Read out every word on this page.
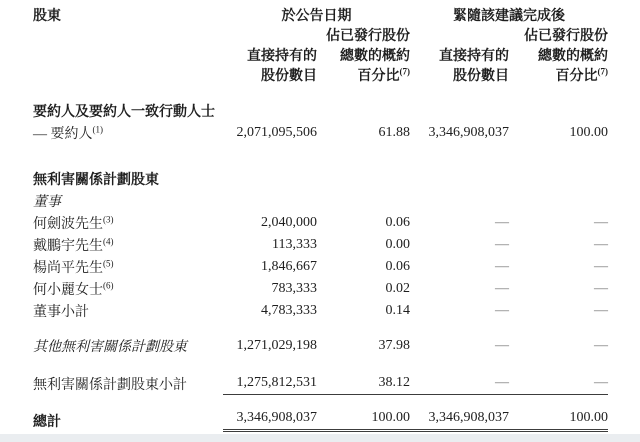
股東	於公告日期		緊隨該建議完成後	
		佔已發行股份		佔已發行股份
	直接持有的	總數的概約	直接持有的	總數的概約
	股份數目	百分比$^{(7)}$	股份數目	百分比$^{(7)}$

要約人及要約人一致行動人士				
— 要約人$^{(1)}$	2,071,095,506	61.88	3,346,908,037	100.00

無利害關係計劃股東				
董事				
何劍波先生$^{(3)}$	2,040,000	0.06	—	—

戴鵬宇先生$^{(4)}$	113,333	0.00	—	—

楊尚平先生$^{(5)}$	1,846,667	0.06	—	—

何小麗女士$^{(6)}$	783,333	0.02	—	—

董事小計	4,783,333	0.14	—	—

其他無利害關係計劃股東	1,271,029,198	37.98	—	—

無利害關係計劃股東小計	1,275,812,531	38.12	—	—

總計	3,346,908,037	100.00	3,346,908,037	100.00
